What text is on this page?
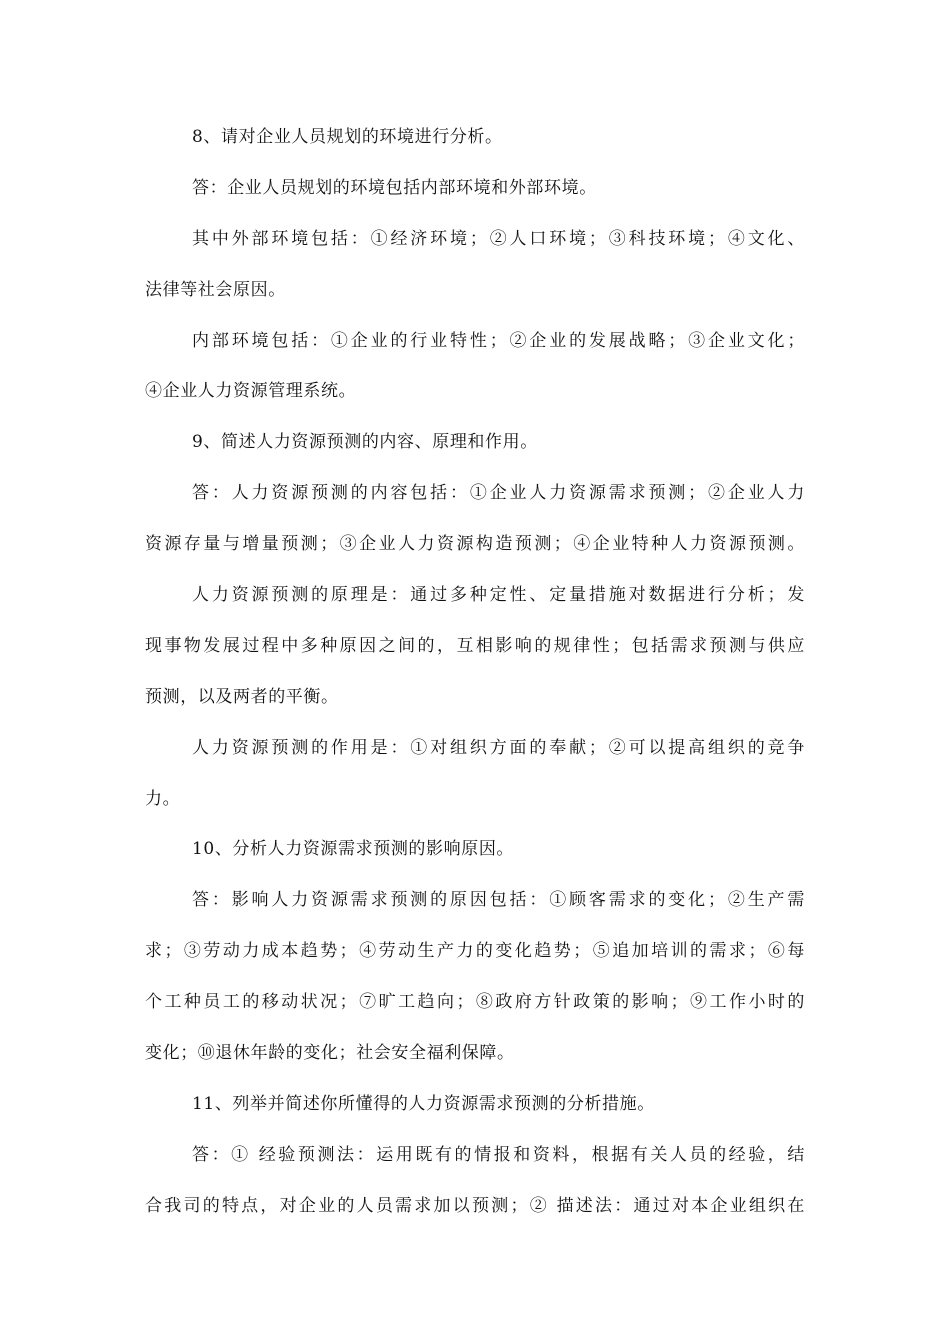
8、请对企业人员规划的环境进行分析。
答：企业人员规划的环境包括内部环境和外部环境。
其中外部环境包括：①经济环境；②人口环境；③科技环境；④文化、
法律等社会原因。
内部环境包括：①企业的行业特性；②企业的发展战略；③企业文化；
④企业人力资源管理系统。
9、简述人力资源预测的内容、原理和作用。
答：人力资源预测的内容包括：①企业人力资源需求预测；②企业人力
资源存量与增量预测；③企业人力资源构造预测；④企业特种人力资源预测。
人力资源预测的原理是：通过多种定性、定量措施对数据进行分析；发
现事物发展过程中多种原因之间的，互相影响的规律性；包括需求预测与供应
预测，以及两者的平衡。
人力资源预测的作用是：①对组织方面的奉献；②可以提高组织的竞争
力。
10、分析人力资源需求预测的影响原因。
答：影响人力资源需求预测的原因包括：①顾客需求的变化；②生产需
求；③劳动力成本趋势；④劳动生产力的变化趋势；⑤追加培训的需求；⑥每
个工种员工的移动状况；⑦旷工趋向；⑧政府方针政策的影响；⑨工作小时的
变化；⑩退休年龄的变化；社会安全福利保障。
11、列举并简述你所懂得的人力资源需求预测的分析措施。
答：① 经验预测法：运用既有的情报和资料，根据有关人员的经验，结
合我司的特点，对企业的人员需求加以预测；② 描述法：通过对本企业组织在
